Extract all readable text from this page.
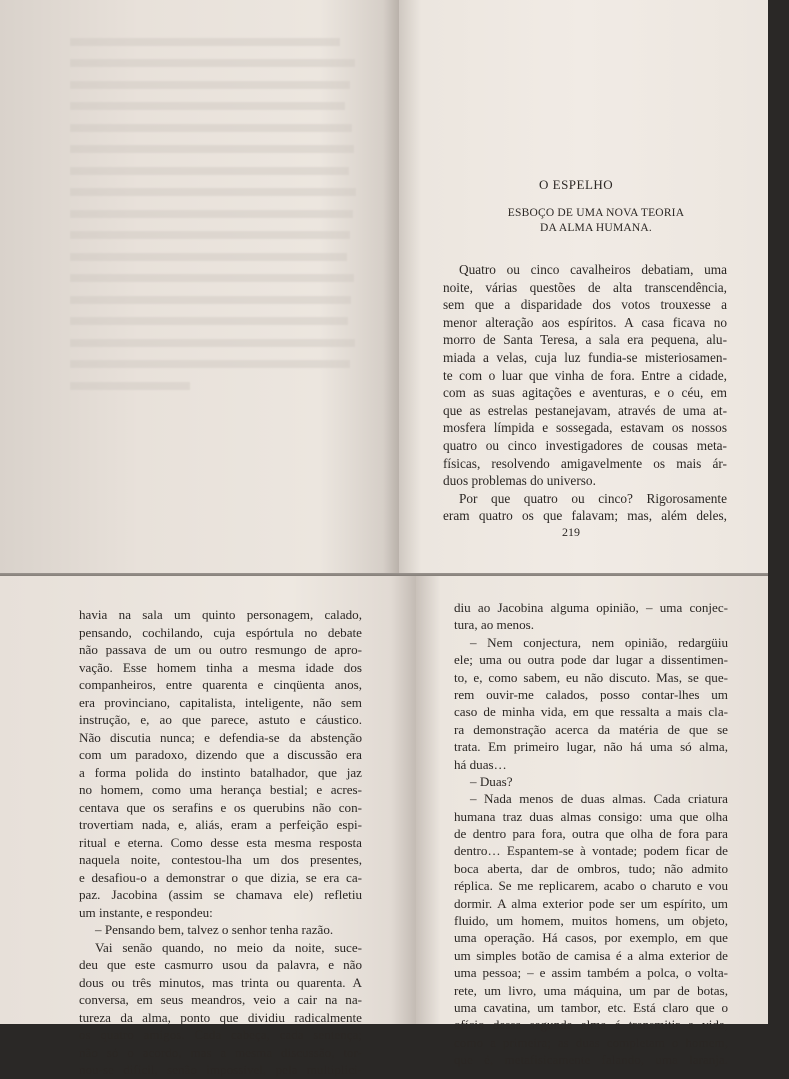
O ESPELHO
ESBOÇO DE UMA NOVA TEORIA
DA ALMA HUMANA.
Quatro ou cinco cavalheiros debatiam, uma
noite, várias questões de alta transcendência,
sem que a disparidade dos votos trouxesse a
menor alteração aos espíritos. A casa ficava no
morro de Santa Teresa, a sala era pequena, alu-
miada a velas, cuja luz fundia-se misteriosamen-
te com o luar que vinha de fora. Entre a cidade,
com as suas agitações e aventuras, e o céu, em
que as estrelas pestanejavam, através de uma at-
mosfera límpida e sossegada, estavam os nossos
quatro ou cinco investigadores de cousas meta-
físicas, resolvendo amigavelmente os mais ár-
duos problemas do universo.
Por que quatro ou cinco? Rigorosamente
eram quatro os que falavam; mas, além deles,
219
havia na sala um quinto personagem, calado,
pensando, cochilando, cuja espórtula no debate
não passava de um ou outro resmungo de apro-
vação. Esse homem tinha a mesma idade dos
companheiros, entre quarenta e cinqüenta anos,
era provinciano, capitalista, inteligente, não sem
instrução, e, ao que parece, astuto e cáustico.
Não discutia nunca; e defendia-se da abstenção
com um paradoxo, dizendo que a discussão era
a forma polida do instinto batalhador, que jaz
no homem, como uma herança bestial; e acres-
centava que os serafins e os querubins não con-
trovertiam nada, e, aliás, eram a perfeição espi-
ritual e eterna. Como desse esta mesma resposta
naquela noite, contestou-lha um dos presentes,
e desafiou-o a demonstrar o que dizia, se era ca-
paz. Jacobina (assim se chamava ele) refletiu
um instante, e respondeu:
– Pensando bem, talvez o senhor tenha razão.
Vai senão quando, no meio da noite, suce-
deu que este casmurro usou da palavra, e não
dous ou três minutos, mas trinta ou quarenta. A
conversa, em seus meandros, veio a cair na na-
tureza da alma, ponto que dividiu radicalmente
os quatro amigos. Cada cabeça, cada sentença;
não só o acordo, mas a mesma discussão, tor-
nou-se difícil, senão impossível, pela multiplici-
diu ao Jacobina alguma opinião, – uma conjec-
tura, ao menos.
– Nem conjectura, nem opinião, redargüiu
ele; uma ou outra pode dar lugar a dissentimen-
to, e, como sabem, eu não discuto. Mas, se que-
rem ouvir-me calados, posso contar-lhes um
caso de minha vida, em que ressalta a mais cla-
ra demonstração acerca da matéria de que se
trata. Em primeiro lugar, não há uma só alma,
há duas…
– Duas?
– Nada menos de duas almas. Cada criatura
humana traz duas almas consigo: uma que olha
de dentro para fora, outra que olha de fora para
dentro… Espantem-se à vontade; podem ficar de
boca aberta, dar de ombros, tudo; não admito
réplica. Se me replicarem, acabo o charuto e vou
dormir. A alma exterior pode ser um espírito, um
fluido, um homem, muitos homens, um objeto,
uma operação. Há casos, por exemplo, em que
um simples botão de camisa é a alma exterior de
uma pessoa; – e assim também a polca, o volta-
rete, um livro, uma máquina, um par de botas,
uma cavatina, um tambor, etc. Está claro que o
ofício dessa segunda alma é transmitir a vida,
como a primeira; as duas completam o homem,
que é, metafisicamente falando, uma laranja.
